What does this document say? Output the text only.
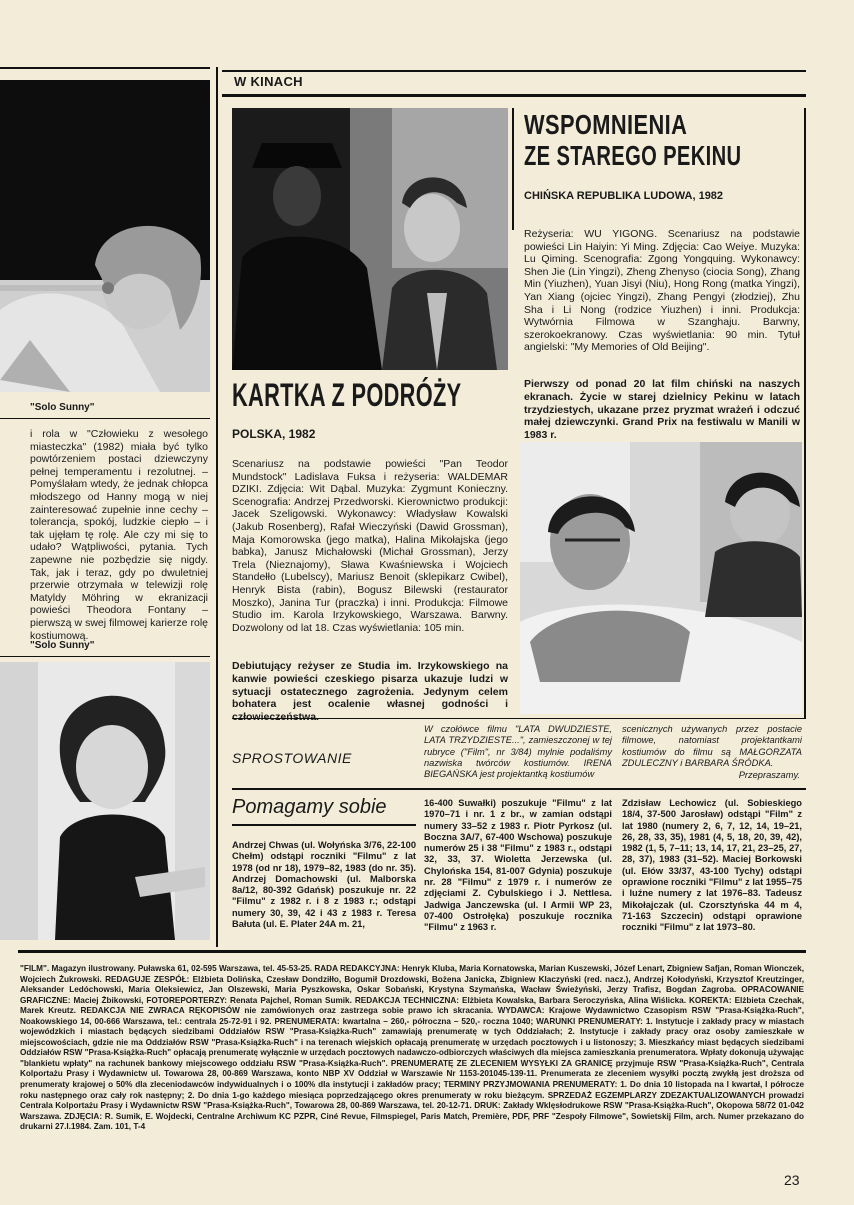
W KINACH
"Solo Sunny"
i rola w "Człowieku z wesołego miasteczka" (1982) miała być tylko powtórzeniem postaci dziewczyny pełnej temperamentu i rezolutnej. – Pomyślałam wtedy, że jednak chłopca młodszego od Hanny mogą w niej zainteresować zupełnie inne cechy – tolerancja, spokój, ludzkie ciepło – i tak ujęłam tę rolę. Ale czy mi się to udało? Wątpliwości, pytania. Tych zapewne nie pozbędzie się nigdy. Tak, jak i teraz, gdy po dwuletniej przerwie otrzymała w telewizji rolę Matyldy Möhring w ekranizacji powieści Theodora Fontany – pierwszą w swej filmowej karierze rolę kostiumową.
"Solo Sunny"
WSPOMNIENIA
ZE STAREGO PEKINU
CHIŃSKA REPUBLIKA LUDOWA, 1982
Reżyseria: WU YIGONG. Scenariusz na podstawie powieści Lin Haiyin: Yi Ming. Zdjęcia: Cao Weiye. Muzyka: Lu Qiming. Scenografia: Zgong Yongquing. Wykonawcy: Shen Jie (Lin Yingzi), Zheng Zhenyso (ciocia Song), Zhang Min (Yiuzhen), Yuan Jisyi (Niu), Hong Rong (matka Yingzi), Yan Xiang (ojciec Yingzi), Zhang Pengyi (złodziej), Zhu Sha i Li Nong (rodzice Yiuzhen) i inni. Produkcja: Wytwórnia Filmowa w Szanghaju. Barwny, szerokoekranowy. Czas wyświetlania: 90 min. Tytuł angielski: "My Memories of Old Beijing".
Pierwszy od ponad 20 lat film chiński na naszych ekranach. Życie w starej dzielnicy Pekinu w latach trzydziestych, ukazane przez pryzmat wrażeń i odczuć małej dziewczynki. Grand Prix na festiwalu w Manili w 1983 r.
KARTKA Z PODRÓŻY
POLSKA, 1982
Scenariusz na podstawie powieści "Pan Teodor Mundstock" Ladislava Fuksa i reżyseria: WALDEMAR DZIKI. Zdjęcia: Wit Dąbal. Muzyka: Zygmunt Konieczny. Scenografia: Andrzej Przedworski. Kierownictwo produkcji: Jacek Szeligowski. Wykonawcy: Władysław Kowalski (Jakub Rosenberg), Rafał Wieczyński (Dawid Grossman), Maja Komorowska (jego matka), Halina Mikołajska (jego babka), Janusz Michałowski (Michał Grossman), Jerzy Trela (Nieznajomy), Sława Kwaśniewska i Wojciech Standełło (Lubelscy), Mariusz Benoit (sklepikarz Cwibel), Henryk Bista (rabin), Bogusz Bilewski (restaurator Moszko), Janina Tur (praczka) i inni. Produkcja: Filmowe Studio im. Karola Irzykowskiego, Warszawa. Barwny. Dozwolony od lat 18. Czas wyświetlania: 105 min.
Debiutujący reżyser ze Studia im. Irzykowskiego na kanwie powieści czeskiego pisarza ukazuje ludzi w sytuacji ostatecznego zagrożenia. Jedynym celem bohatera jest ocalenie własnej godności i
SPROSTOWANIE
W czołówce filmu "LATA DWUDZIESTE, LATA TRZYDZIESTE...", zamieszczonej w tej rubryce ("Film", nr 3/84) mylnie podaliśmy nazwiska twórców kostiumów. IRENA BIEGAŃSKA jest projektantką kostiumów
scenicznych używanych przez postacie filmowe, natomiast projektantkami kostiumów do filmu są MAŁGORZATA ZDULECZNY i BARBARA ŚRÓDKA.
Przepraszamy.
Pomagamy sobie
Andrzej Chwas (ul. Wołyńska 3/76, 22-100 Chełm) odstąpi roczniki "Filmu" z lat 1978 (od nr 18), 1979–82, 1983 (do nr. 35). Andrzej Domachowski (ul. Malborska 8a/12, 80-392 Gdańsk) poszukuje nr. 22 "Filmu" z 1982 r. i 8 z 1983 r.; odstąpi numery 30, 39, 42 i 43 z 1983 r. Teresa Bałuta (ul. E. Plater 24A m. 21,
16-400 Suwałki) poszukuje "Filmu" z lat 1970–71 i nr. 1 z br., w zamian odstąpi numery 33–52 z 1983 r. Piotr Pyrkosz (ul. Boczna 3A/7, 67-400 Wschowa) poszukuje numerów 25 i 38 "Filmu" z 1983 r., odstąpi 32, 33, 37. Wioletta Jerzewska (ul. Chylońska 154, 81-007 Gdynia) poszukuje nr. 28 "Filmu" z 1979 r. i numerów ze zdjęciami Z. Cybulskiego i J. Nettlesa. Jadwiga Janczewska (ul. I Armii WP 23, 07-400 Ostrołęka) poszukuje rocznika "Filmu" z 1963 r.
Zdzisław Lechowicz (ul. Sobieskiego 18/4, 37-500 Jarosław) odstąpi "Film" z lat 1980 (numery 2, 6, 7, 12, 14, 19–21, 26, 28, 33, 35), 1981 (4, 5, 18, 20, 39, 42), 1982 (1, 5, 7–11; 13, 14, 17, 21, 23–25, 27, 28, 37), 1983 (31–52). Maciej Borkowski (ul. Ełów 33/37, 43-100 Tychy) odstąpi oprawione roczniki "Filmu" z lat 1955–75 i luźne numery z lat 1976–83. Tadeusz Mikołajczak (ul. Czorsztyńska 44 m 4, 71-163 Szczecin) odstąpi oprawione roczniki "Filmu" z lat 1973–80.
"FILM". Magazyn ilustrowany. Puławska 61, 02-595 Warszawa, tel. 45-53-25. RADA REDAKCYJNA: Henryk Kluba, Maria Kornatowska, Marian Kuszewski, Józef Lenart, Zbigniew Safjan, Roman Wionczek, Wojciech Żukrowski. REDAGUJE ZESPÓŁ: Elżbieta Dolińska, Czesław Dondziłło, Bogumił Drozdowski, Bożena Janicka, Zbigniew Klaczyński (red. nacz.), Andrzej Kołodyński, Krzysztof Kreutzinger, Aleksander Ledóchowski, Maria Oleksiewicz, Jan Olszewski, Maria Pyszkowska, Oskar Sobański, Krystyna Szymańska, Wacław Świeżyński, Jerzy Trafisz, Bogdan Zagroba. OPRACOWANIE GRAFICZNE: Maciej Żbikowski, FOTOREPORTERZY: Renata Pajchel, Roman Sumik. REDAKCJA TECHNICZNA: Elżbieta Kowalska, Barbara Seroczyńska, Alina Wiślicka. KOREKTA: Elżbieta Czechak, Marek Kreutz. REDAKCJA NIE ZWRACA RĘKOPISÓW nie zamówionych oraz zastrzega sobie prawo ich skracania. WYDAWCA: Krajowe Wydawnictwo Czasopism RSW "Prasa-Książka-Ruch", Noakowskiego 14, 00-666 Warszawa, tel.: centrala 25-72-91 i 92. PRENUMERATA: kwartalna – 260,- półroczna – 520,- roczna 1040; WARUNKI PRENUMERATY: 1. Instytucje i zakłady pracy w miastach wojewódzkich i miastach będących siedzibami Oddziałów RSW "Prasa-Książka-Ruch" zamawiają prenumeratę w tych Oddziałach; 2. Instytucje i zakłady pracy oraz osoby zamieszkałe w miejscowościach, gdzie nie ma Oddziałów RSW "Prasa-Książka-Ruch" i na terenach wiejskich opłacają prenumeratę w urzędach pocztowych i u listonoszy; 3. Mieszkańcy miast będących siedzibami Oddziałów RSW "Prasa-Książka-Ruch" opłacają prenumeratę wyłącznie w urzędach pocztowych nadawczo-odbiorczych właściwych dla miejsca zamieszkania prenumeratora. Wpłaty dokonują używając "blankietu wpłaty" na rachunek bankowy miejscowego oddziału RSW "Prasa-Książka-Ruch". PRENUMERATĘ ZE ZLECENIEM WYSYŁKI ZA GRANICĘ przyjmuje RSW "Prasa-Książka-Ruch", Centrala Kolportażu Prasy i Wydawnictw ul. Towarowa 28, 00-869 Warszawa, konto NBP XV Oddział w Warszawie Nr 1153-201045-139-11. Prenumerata ze zleceniem wysyłki pocztą zwykłą jest droższa od prenumeraty krajowej o 50% dla zleceniodawców indywidualnych i o 100% dla instytucji i zakładów pracy; TERMINY PRZYJMOWANIA PRENUMERATY: 1. Do dnia 10 listopada na I kwartał, I półrocze roku następnego oraz cały rok następny; 2. Do dnia 1-go każdego miesiąca poprzedzającego okres prenumeraty w roku bieżącym. SPRZEDAŻ EGZEMPLARZY ZDEZAKTUALIZOWANYCH prowadzi Centrala Kolportażu Prasy i Wydawnictw RSW "Prasa-Książka-Ruch", Towarowa 28, 00-869 Warszawa, tel. 20-12-71. DRUK: Zakłady Wklęsłodrukowe RSW "Prasa-Książka-Ruch", Okopowa 58/72 01-042 Warszawa. ZDJĘCIA: R. Sumik, E. Wojdecki, Centralne Archiwum KC PZPR, Ciné Revue, Filmspiegel, Paris Match, Première, PDF, PRF "Zespoły Filmowe", Sowietskij Film, arch. Numer przekazano do drukarni 27.I.1984. Zam. 101, T-4
23
